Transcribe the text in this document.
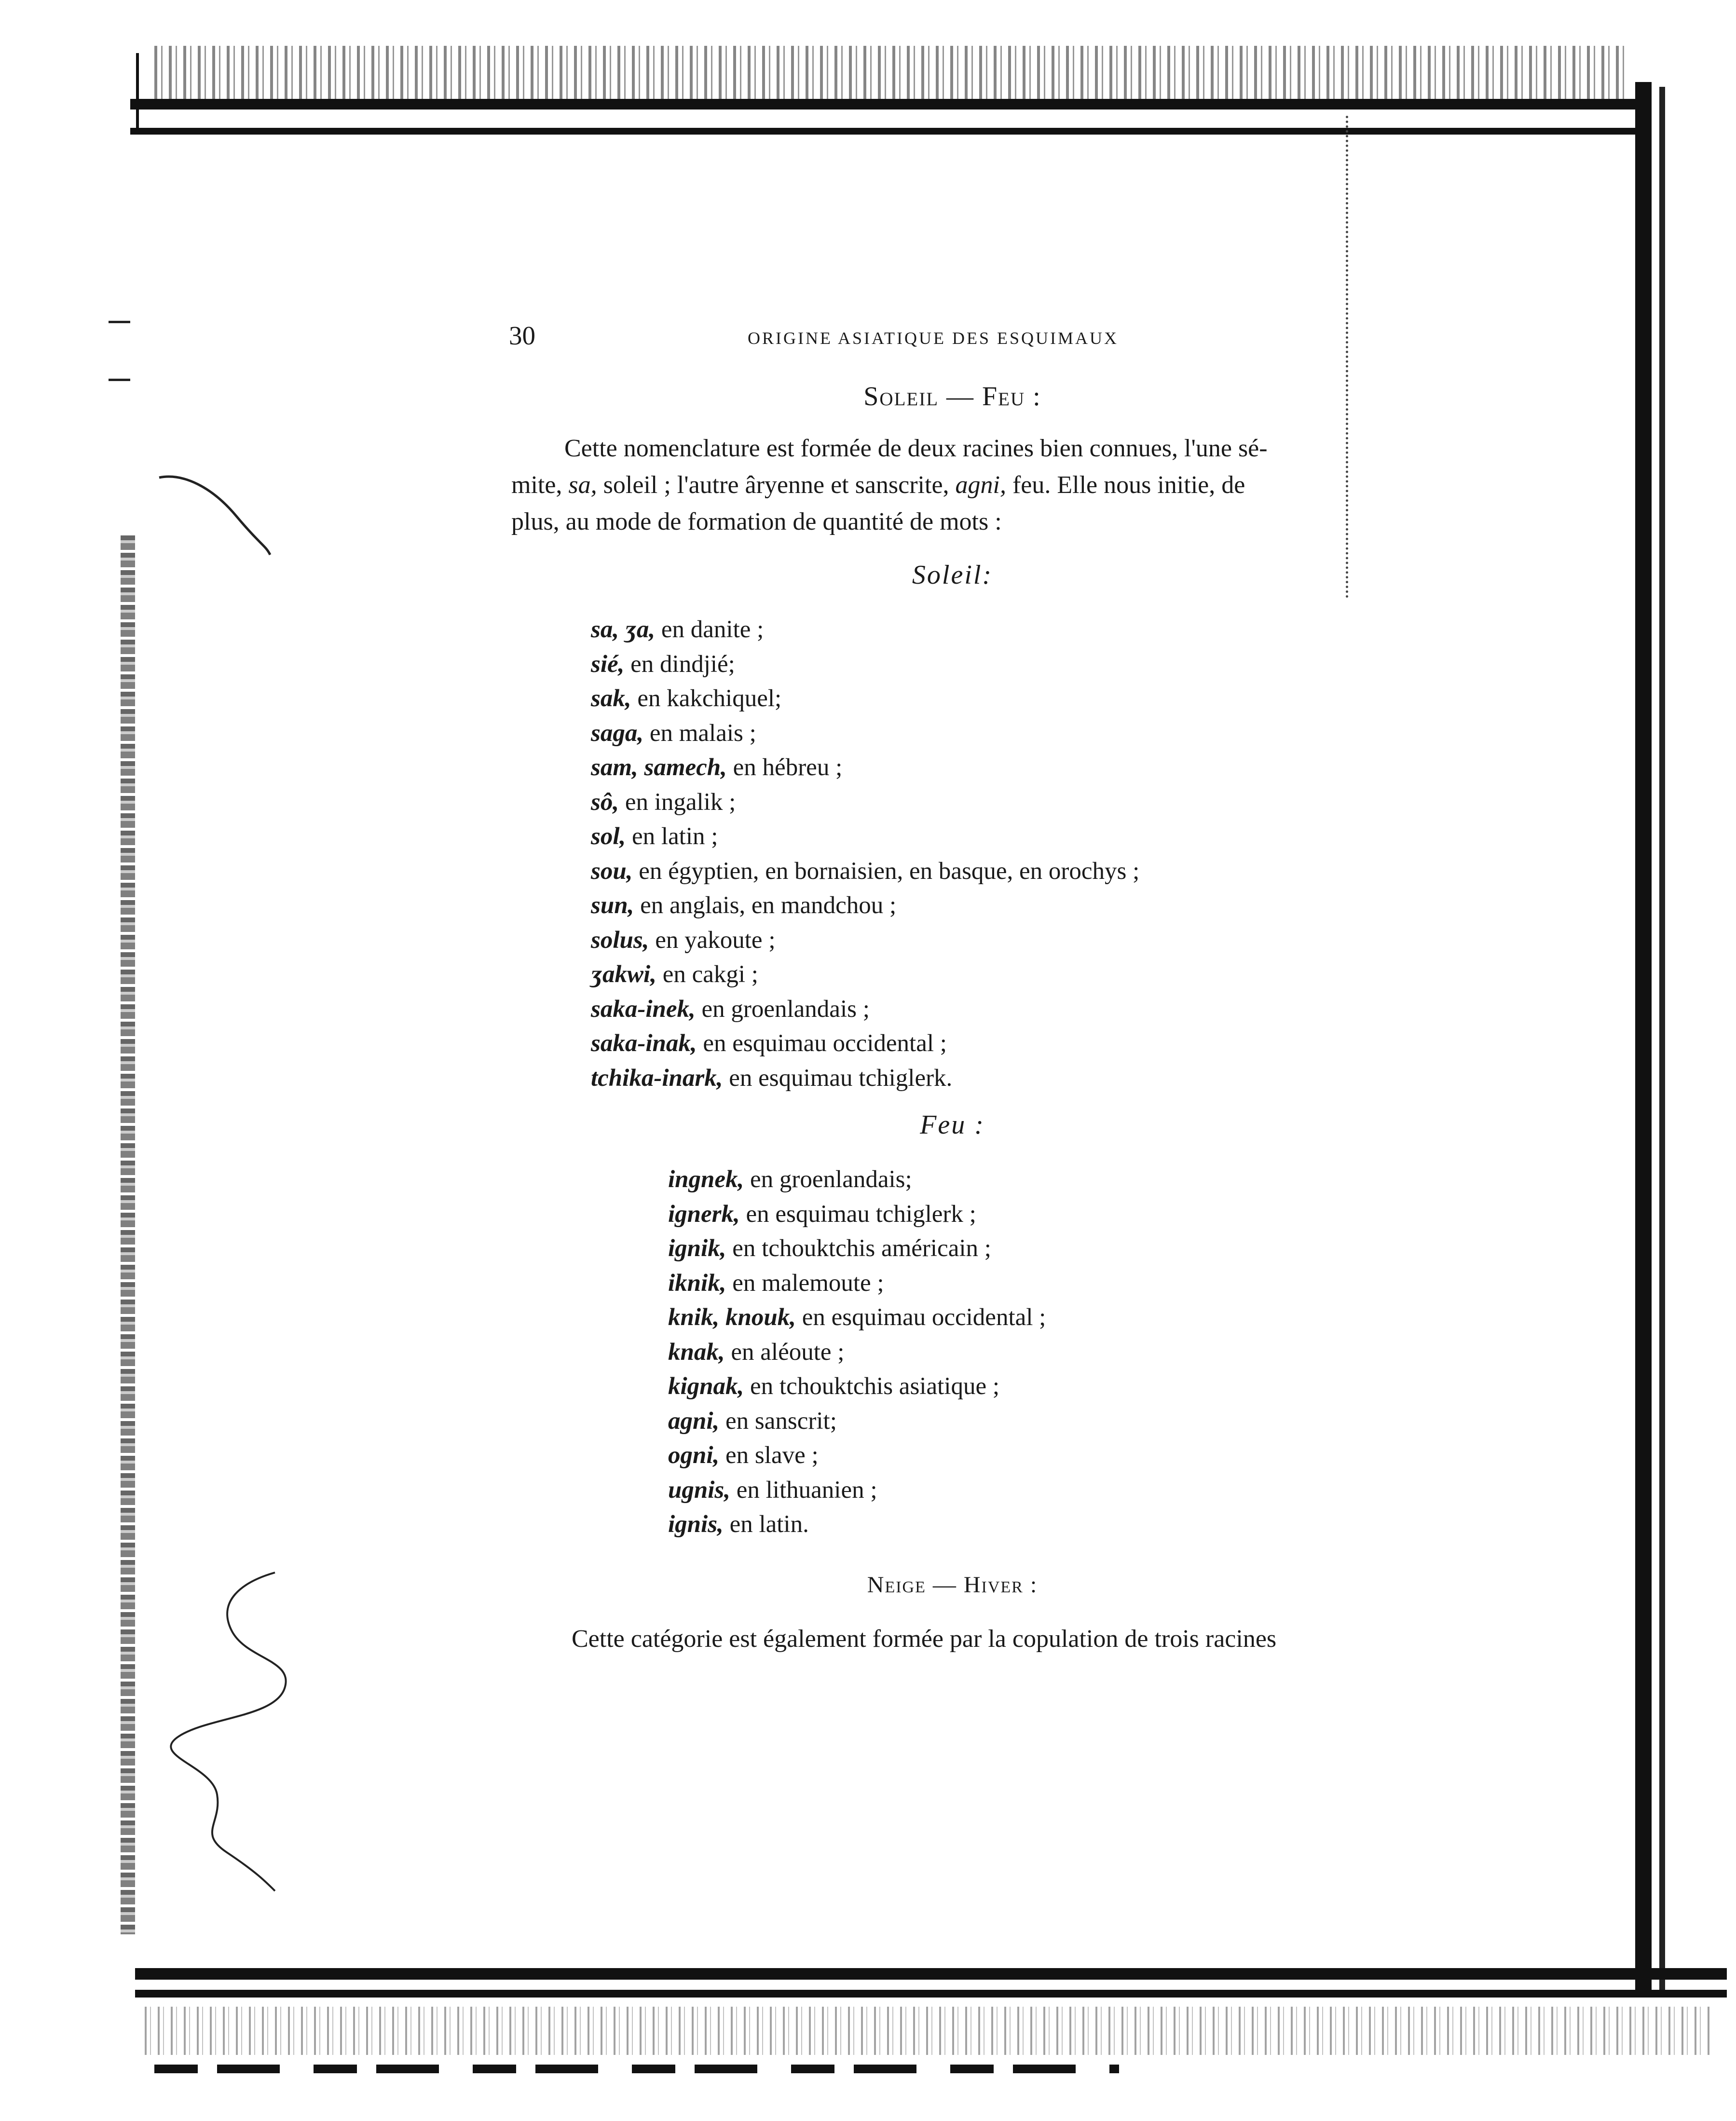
30	ORIGINE ASIATIQUE DES ESQUIMAUX
Soleil — Feu :
Cette nomenclature est formée de deux racines bien connues, l'une sé-
mite, sa, soleil ; l'autre âryenne et sanscrite, agni, feu. Elle nous initie, de
plus, au mode de formation de quantité de mots :
Soleil:
sa, ʒa, en danite ;
sié, en dindjié;
sak, en kakchiquel;
saga, en malais ;
sam, samech, en hébreu ;
sô, en ingalik ;
sol, en latin ;
sou, en égyptien, en bornaisien, en basque, en orochys ;
sun, en anglais, en mandchou ;
solus, en yakoute ;
ʒakwi, en cakgi ;
saka-inek, en groenlandais ;
saka-inak, en esquimau occidental ;
tchika-inark, en esquimau tchiglerk.
Feu :
ingnek, en groenlandais;
ignerk, en esquimau tchiglerk ;
ignik, en tchouktchis américain ;
iknik, en malemoute ;
knik, knouk, en esquimau occidental ;
knak, en aléoute ;
kignak, en tchouktchis asiatique ;
agni, en sanscrit;
ogni, en slave ;
ugnis, en lithuanien ;
ignis, en latin.
Neige — Hiver :
Cette catégorie est également formée par la copulation de trois racines
